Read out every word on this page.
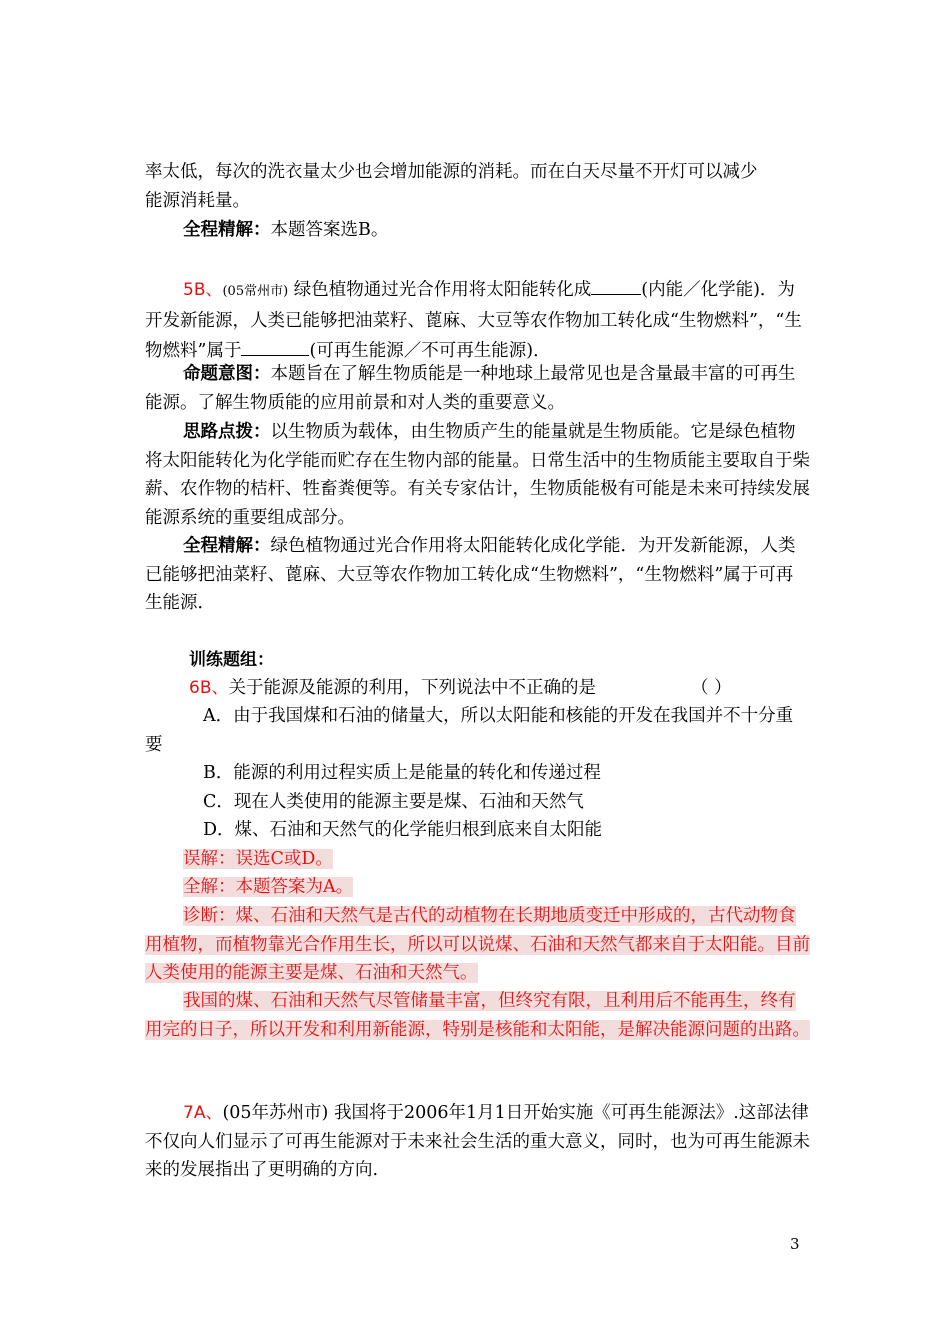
率太低，每次的洗衣量太少也会增加能源的消耗。而在白天尽量不开灯可以减少
能源消耗量。
全程精解：本题答案选B。
5B、(05常州市) 绿色植物通过光合作用将太阳能转化成	(内能／化学能)．为开发新能源，人类已能够把油菜籽、蓖麻、大豆等农作物加工转化成“生物燃料”，“生物燃料”属于	(可再生能源／不可再生能源)．
命题意图：本题旨在了解生物质能是一种地球上最常见也是含量最丰富的可再生能源。了解生物质能的应用前景和对人类的重要意义。
思路点拨：以生物质为载体，由生物质产生的能量就是生物质能。它是绿色植物将太阳能转化为化学能而贮存在生物内部的能量。日常生活中的生物质能主要取自于柴薪、农作物的桔杆、牲畜粪便等。有关专家估计，生物质能极有可能是未来可持续发展能源系统的重要组成部分。
全程精解：绿色植物通过光合作用将太阳能转化成化学能．为开发新能源，人类已能够把油菜籽、蓖麻、大豆等农作物加工转化成“生物燃料”，“生物燃料”属于可再生能源．
训练题组：
6B、关于能源及能源的利用，下列说法中不正确的是	（ ）
A．由于我国煤和石油的储量大，所以太阳能和核能的开发在我国并不十分重要
B．能源的利用过程实质上是能量的转化和传递过程
C．现在人类使用的能源主要是煤、石油和天然气
D．煤、石油和天然气的化学能归根到底来自太阳能
误解：误选C或D。
全解：本题答案为A。
诊断：煤、石油和天然气是古代的动植物在长期地质变迁中形成的，古代动物食用植物，而植物靠光合作用生长，所以可以说煤、石油和天然气都来自于太阳能。目前人类使用的能源主要是煤、石油和天然气。
我国的煤、石油和天然气尽管储量丰富，但终究有限，且利用后不能再生，终有用完的日子，所以开发和利用新能源，特别是核能和太阳能，是解决能源问题的出路。
7A、(05年苏州市) 我国将于2006年1月1日开始实施《可再生能源法》.这部法律不仅向人们显示了可再生能源对于未来社会生活的重大意义，同时，也为可再生能源未来的发展指出了更明确的方向.
3
